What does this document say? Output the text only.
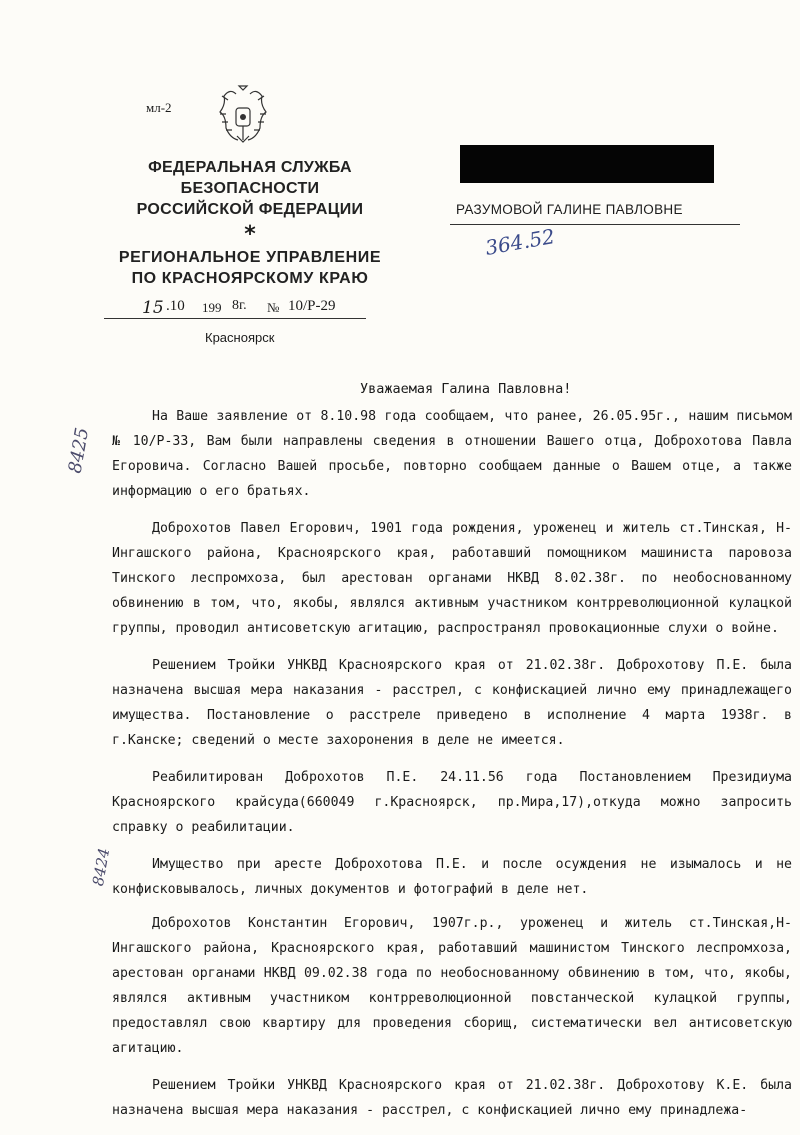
мл-2
ФЕДЕРАЛЬНАЯ СЛУЖБА
БЕЗОПАСНОСТИ
РОССИЙСКОЙ ФЕДЕРАЦИИ
*
РЕГИОНАЛЬНОЕ УПРАВЛЕНИЕ
ПО КРАСНОЯРСКОМУ КРАЮ
15 .10 199 8г. № 10/Р-29
Красноярск
РАЗУМОВОЙ ГАЛИНЕ ПАВЛОВНЕ
364.52
8425
8424
Уважаемая Галина Павловна!

На Ваше заявление от 8.10.98 года сообщаем, что ранее, 26.05.95г., нашим письмом № 10/Р-33, Вам были направлены сведения в отношении Вашего отца, Доброхотова Павла Егоровича. Согласно Вашей просьбе, повторно сообщаем данные о Вашем отце, а также информацию о его братьях.

Доброхотов Павел Егорович, 1901 года рождения, уроженец и житель ст.Тинская, Н-Ингашского района, Красноярского края, работавший помощником машиниста паровоза Тинского леспромхоза, был арестован органами НКВД 8.02.38г. по необоснованному обвинению в том, что, якобы, являлся активным участником контрреволюционной кулацкой группы, проводил антисоветскую агитацию, распространял провокационные слухи о войне.

Решением Тройки УНКВД Красноярского края от 21.02.38г. Доброхотову П.Е. была назначена высшая мера наказания - расстрел, с конфискацией лично ему принадлежащего имущества. Постановление о расстреле приведено в исполнение 4 марта 1938г. в г.Канске; сведений о месте захоронения в деле не имеется.

Реабилитирован Доброхотов П.Е. 24.11.56 года Постановлением Президиума Красноярского крайсуда(660049 г.Красноярск, пр.Мира,17),откуда можно запросить справку о реабилитации.

Имущество при аресте Доброхотова П.Е. и после осуждения не изымалось и не конфисковывалось, личных документов и фотографий в деле нет.

Доброхотов Константин Егорович, 1907г.р., уроженец и житель ст.Тинская,Н-Ингашского района, Красноярского края, работавший машинистом Тинского леспромхоза, арестован органами НКВД 09.02.38 года по необоснованному обвинению в том, что, якобы, являлся активным участником контрреволюционной повстанческой кулацкой группы, предоставлял свою квартиру для проведения сборищ, систематически вел антисоветскую агитацию.

Решением Тройки УНКВД Красноярского края от 21.02.38г. Доброхотову К.Е. была назначена высшая мера наказания - расстрел, с конфискацией лично ему принадлежа-
